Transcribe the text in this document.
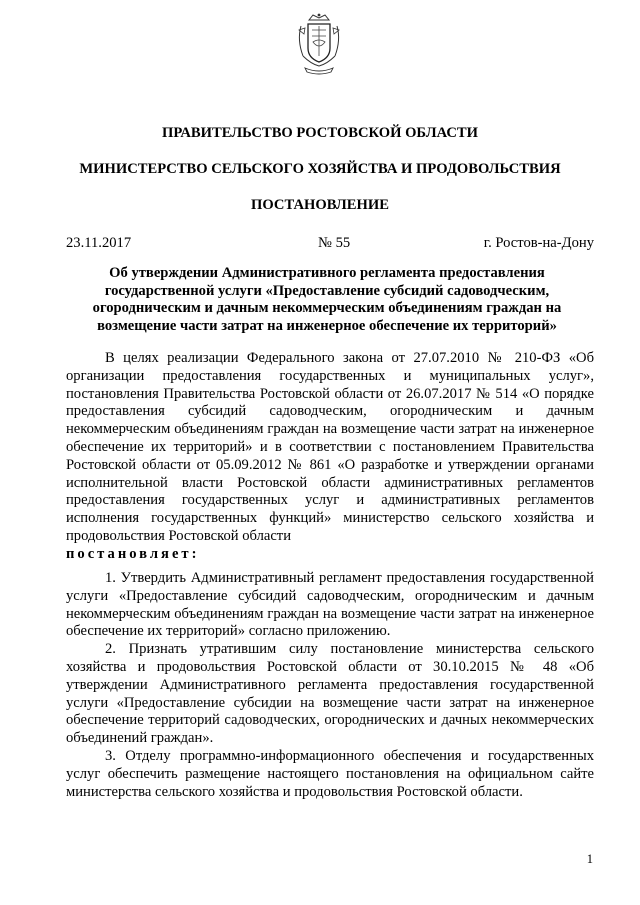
ПРАВИТЕЛЬСТВО РОСТОВСКОЙ ОБЛАСТИ
МИНИСТЕРСТВО СЕЛЬСКОГО ХОЗЯЙСТВА И ПРОДОВОЛЬСТВИЯ
ПОСТАНОВЛЕНИЕ
23.11.2017	№ 55	г. Ростов-на-Дону
Об утверждении Административного регламента предоставления государственной услуги «Предоставление субсидий садоводческим, огородническим и дачным некоммерческим объединениям граждан на возмещение части затрат на инженерное обеспечение их территорий»

В целях реализации Федерального закона от 27.07.2010 № 210-ФЗ «Об организации предоставления государственных и муниципальных услуг», постановления Правительства Ростовской области от 26.07.2017 № 514 «О порядке предоставления субсидий садоводческим, огородническим и дачным некоммерческим объединениям граждан на возмещение части затрат на инженерное обеспечение их территорий» и в соответствии с постановлением Правительства Ростовской области от 05.09.2012 № 861 «О разработке и утверждении органами исполнительной власти Ростовской области административных регламентов предоставления государственных услуг и административных регламентов исполнения государственных функций» министерство сельского хозяйства и продовольствия Ростовской области

постановляет:

1. Утвердить Административный регламент предоставления государственной услуги «Предоставление субсидий садоводческим, огородническим и дачным некоммерческим объединениям граждан на возмещение части затрат на инженерное обеспечение их территорий» согласно приложению.

2. Признать утратившим силу постановление министерства сельского хозяйства и продовольствия Ростовской области от 30.10.2015 № 48 «Об утверждении Административного регламента предоставления государственной услуги «Предоставление субсидии на возмещение части затрат на инженерное обеспечение территорий садоводческих, огороднических и дачных некоммерческих объединений граждан».

3. Отделу программно-информационного обеспечения и государственных услуг обеспечить размещение настоящего постановления на официальном сайте министерства сельского хозяйства и продовольствия Ростовской области.

1
